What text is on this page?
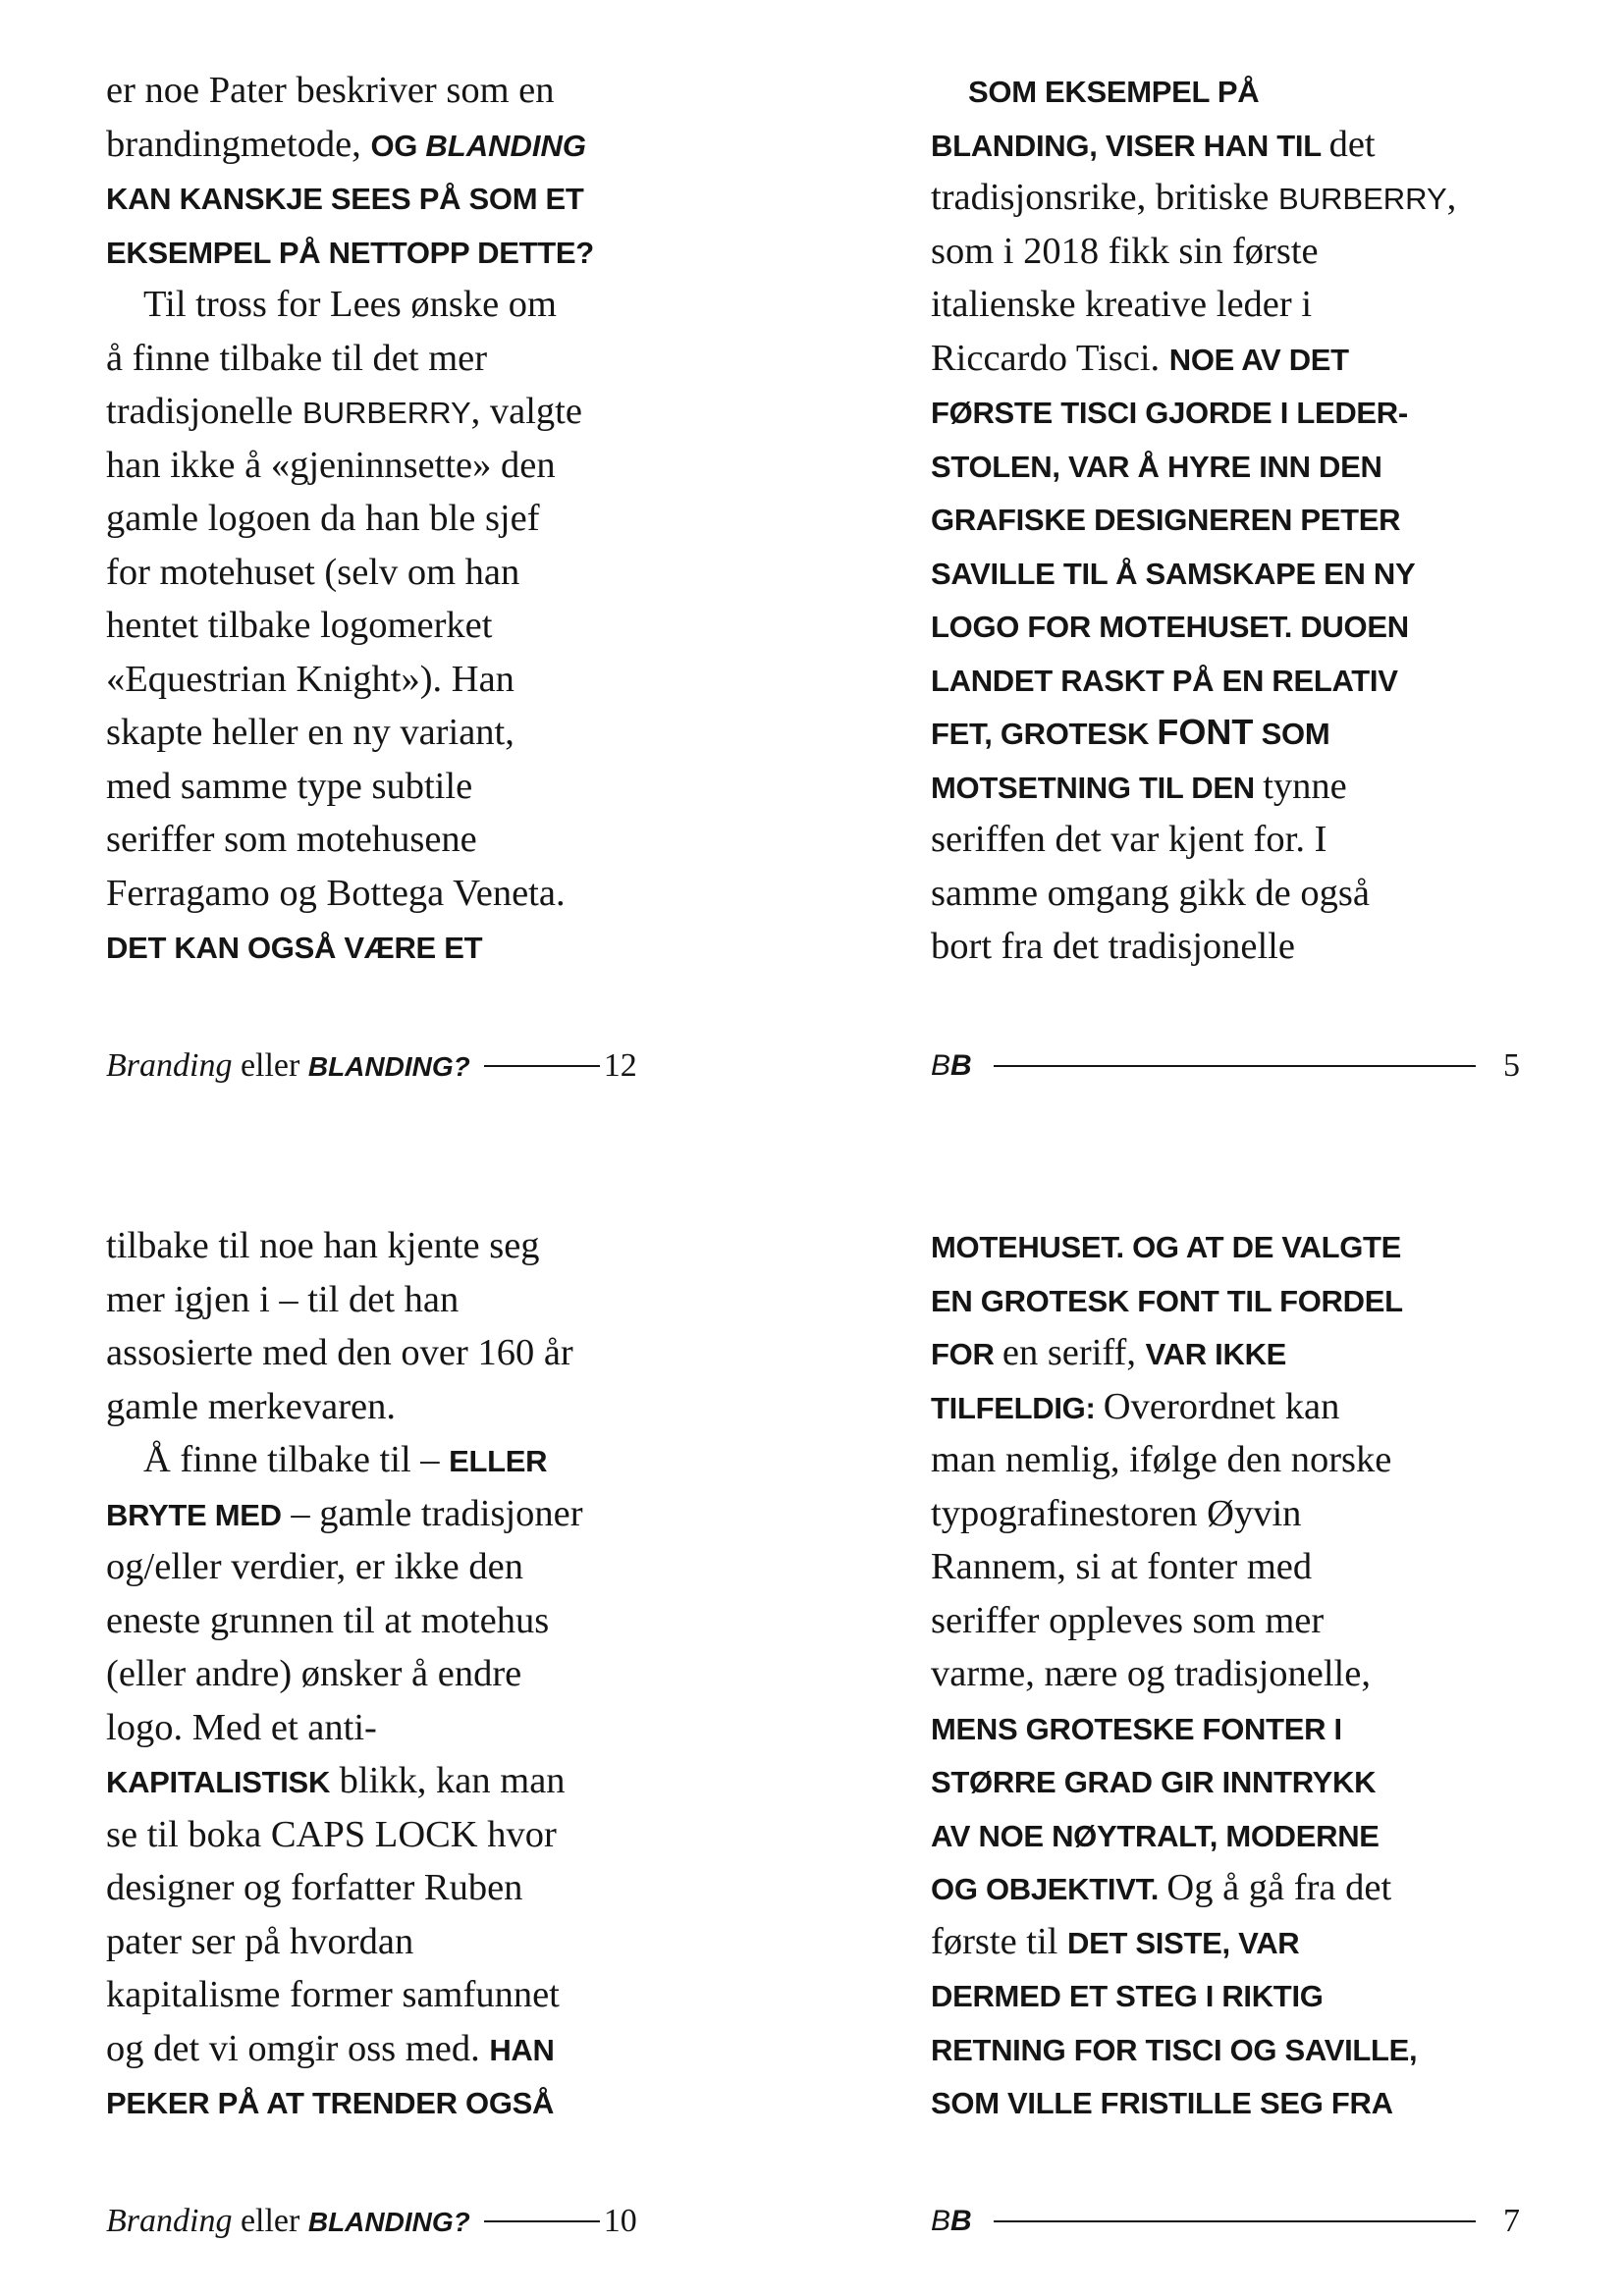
er noe Pater beskriver som en
brandingmetode, OG BLANDING
KAN KANSKJE SEES PÅ SOM ET
EKSEMPEL PÅ NETTOPP DETTE?
Til tross for Lees ønske om
å finne tilbake til det mer
tradisjonelle BURBERRY, valgte
han ikke å «gjeninnsette» den
gamle logoen da han ble sjef
for motehuset (selv om han
hentet tilbake logomerket
«Equestrian Knight»). Han
skapte heller en ny variant,
med samme type subtile
seriffer som motehusene
Ferragamo og Bottega Veneta.
DET KAN OGSÅ VÆRE ET
Branding eller BLANDING?	12
SOM EKSEMPEL PÅ
BLANDING, VISER HAN TIL det
tradisjonsrike, britiske BURBERRY,
som i 2018 fikk sin første
italienske kreative leder i
Riccardo Tisci. NOE AV DET
FØRSTE TISCI GJORDE I LEDER-
STOLEN, VAR Å HYRE INN DEN
GRAFISKE DESIGNEREN PETER
SAVILLE TIL Å SAMSKAPE EN NY
LOGO FOR MOTEHUSET. DUOEN
LANDET RASKT PÅ EN RELATIV
FET, GROTESK FONT SOM
MOTSETNING TIL DEN tynne
seriffen det var kjent for. I
samme omgang gikk de også
bort fra det tradisjonelle
BB	5
tilbake til noe han kjente seg
mer igjen i – til det han
assosierte med den over 160 år
gamle merkevaren.
Å finne tilbake til – ELLER
BRYTE MED – gamle tradisjoner
og/eller verdier, er ikke den
eneste grunnen til at motehus
(eller andre) ønsker å endre
logo. Med et anti-
KAPITALISTISK blikk, kan man
se til boka CAPS LOCK hvor
designer og forfatter Ruben
pater ser på hvordan
kapitalisme former samfunnet
og det vi omgir oss med. HAN
PEKER PÅ AT TRENDER OGSÅ
Branding eller BLANDING?	10
MOTEHUSET. OG AT DE VALGTE
EN GROTESK FONT TIL FORDEL
FOR en seriff, VAR IKKE
TILFELDIG: Overordnet kan
man nemlig, ifølge den norske
typografinestoren Øyvin
Rannem, si at fonter med
seriffer oppleves som mer
varme, nære og tradisjonelle,
MENS GROTESKE FONTER I
STØRRE GRAD GIR INNTRYKK
AV NOE NØYTRALT, MODERNE
OG OBJEKTIVT. Og å gå fra det
første til DET SISTE, VAR
DERMED ET STEG I RIKTIG
RETNING FOR TISCI OG SAVILLE,
SOM VILLE FRISTILLE SEG FRA
BB	7
